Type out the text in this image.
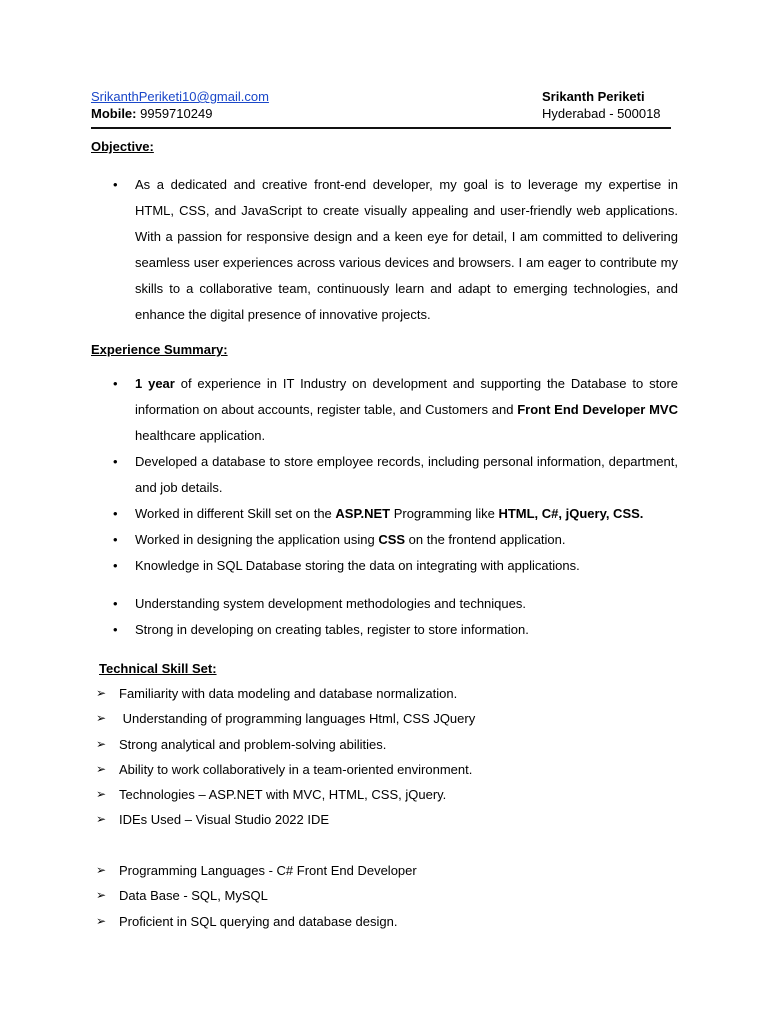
SrikanthPeriketi10@gmail.com
Mobile: 9959710249
Srikanth Periketi
Hyderabad - 500018
Objective:
• As a dedicated and creative front-end developer, my goal is to leverage my expertise in HTML, CSS, and JavaScript to create visually appealing and user-friendly web applications. With a passion for responsive design and a keen eye for detail, I am committed to delivering seamless user experiences across various devices and browsers. I am eager to contribute my skills to a collaborative team, continuously learn and adapt to emerging technologies, and enhance the digital presence of innovative projects.
Experience Summary:
• 1 year of experience in IT Industry on development and supporting the Database to store information on about accounts, register table, and Customers and Front End Developer MVC healthcare application.
• Developed a database to store employee records, including personal information, department, and job details.
• Worked in different Skill set on the ASP.NET Programming like HTML, C#, jQuery, CSS.
• Worked in designing the application using CSS on the frontend application.
• Knowledge in SQL Database storing the data on integrating with applications.
• Understanding system development methodologies and techniques.
• Strong in developing on creating tables, register to store information.
Technical Skill Set:
➢ Familiarity with data modeling and database normalization.
➢ Understanding of programming languages Html, CSS JQuery
➢ Strong analytical and problem-solving abilities.
➢ Ability to work collaboratively in a team-oriented environment.
➢ Technologies – ASP.NET with MVC, HTML, CSS, jQuery.
➢ IDEs Used – Visual Studio 2022 IDE
➢ Programming Languages - C# Front End Developer
➢ Data Base - SQL, MySQL
➢ Proficient in SQL querying and database design.
